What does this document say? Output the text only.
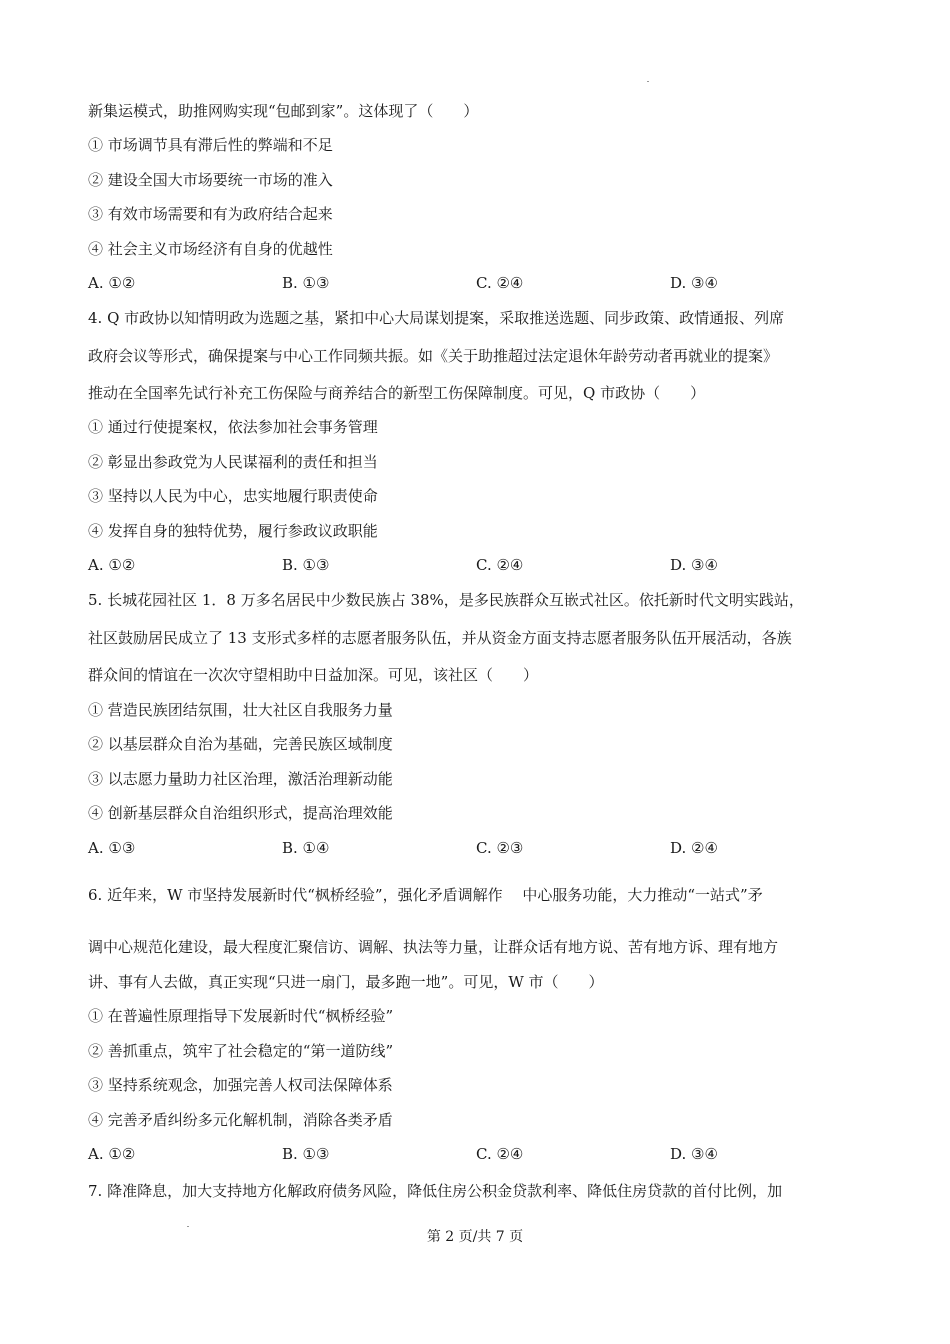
新集运模式，助推网购实现“包邮到家”。这体现了（　　）
① 市场调节具有滞后性的弊端和不足
② 建设全国大市场要统一市场的准入
③ 有效市场需要和有为政府结合起来
④ 社会主义市场经济有自身的优越性
A. ①②	B. ①③	C. ②④	D. ③④
4. Q 市政协以知情明政为选题之基，紧扣中心大局谋划提案，采取推送选题、同步政策、政情通报、列席
政府会议等形式，确保提案与中心工作同频共振。如《关于助推超过法定退休年龄劳动者再就业的提案》
推动在全国率先试行补充工伤保险与商养结合的新型工伤保障制度。可见，Q 市政协（　　）
① 通过行使提案权，依法参加社会事务管理
② 彰显出参政党为人民谋福利的责任和担当
③ 坚持以人民为中心，忠实地履行职责使命
④ 发挥自身的独特优势，履行参政议政职能
A. ①②	B. ①③	C. ②④	D. ③④
5. 长城花园社区 1．8 万多名居民中少数民族占 38%，是多民族群众互嵌式社区。依托新时代文明实践站，
社区鼓励居民成立了 13 支形式多样的志愿者服务队伍，并从资金方面支持志愿者服务队伍开展活动，各族
群众间的情谊在一次次守望相助中日益加深。可见，该社区（　　）
① 营造民族团结氛围，壮大社区自我服务力量
② 以基层群众自治为基础，完善民族区域制度
③ 以志愿力量助力社区治理，激活治理新动能
④ 创新基层群众自治组织形式，提高治理效能
A. ①③	B. ①④	C. ②③	D. ②④
6. 近年来，W 市坚持发展新时代“枫桥经验”，强化矛盾调解作　 中心服务功能，大力推动“一站式”矛
调中心规范化建设，最大程度汇聚信访、调解、执法等力量，让群众话有地方说、苦有地方诉、理有地方
讲、事有人去做，真正实现“只进一扇门，最多跑一地”。可见，W 市（　　）
① 在普遍性原理指导下发展新时代“枫桥经验”
② 善抓重点，筑牢了社会稳定的“第一道防线”
③ 坚持系统观念，加强完善人权司法保障体系
④ 完善矛盾纠纷多元化解机制，消除各类矛盾
A. ①②	B. ①③	C. ②④	D. ③④
7. 降准降息，加大支持地方化解政府债务风险，降低住房公积金贷款利率、降低住房贷款的首付比例，加
第 2 页/共 7 页
